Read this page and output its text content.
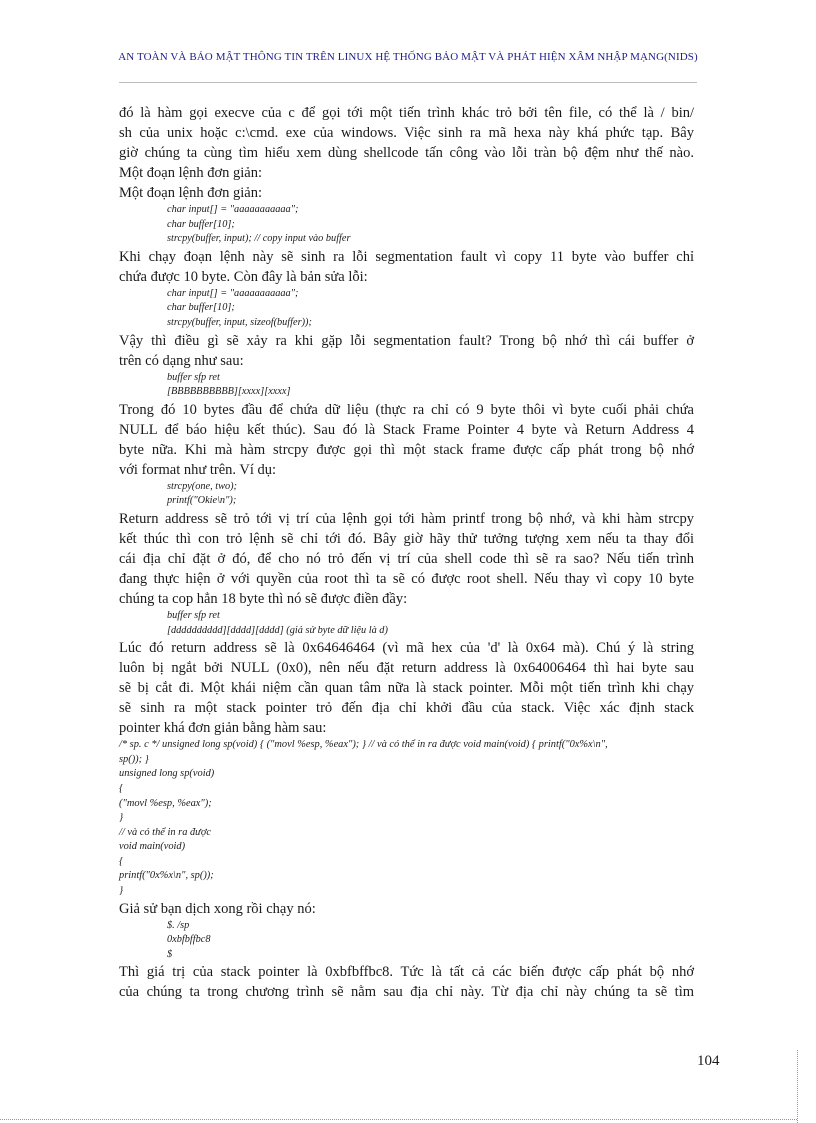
AN TOÀN VÀ BẢO MẬT THÔNG TIN TRÊN LINUX HỆ THỐNG BẢO MẬT VÀ PHÁT HIỆN XÂM NHẬP MẠNG(NIDS)

đó là hàm gọi execve của c để gọi tới một tiến trình khác trỏ bởi tên file, có thể là / bin/

sh của unix hoặc c:\cmd. exe của windows. Việc sinh ra mã hexa này khá phức tạp. Bây

giờ chúng ta cùng tìm hiểu xem dùng shellcode tấn công vào lỗi tràn bộ đệm như thế nào.

Một đoạn lệnh đơn giản:

Một đoạn lệnh đơn giản:

char input[] = "aaaaaaaaaaa";

char buffer[10];

strcpy(buffer, input); // copy input vào buffer

Khi chạy đoạn lệnh này sẽ sinh ra lỗi segmentation fault vì copy 11 byte vào buffer chỉ

chứa được 10 byte. Còn đây là bản sửa lỗi:

char input[] = "aaaaaaaaaaa";

char buffer[10];

strcpy(buffer, input, sizeof(buffer));

Vậy thì điều gì sẽ xảy ra khi gặp lỗi segmentation fault? Trong bộ nhớ thì cái buffer ở

trên có dạng như sau:

buffer sfp ret

[BBBBBBBBBB][xxxx][xxxx]

Trong đó 10 bytes đầu để chứa dữ liệu (thực ra chỉ có 9 byte thôi vì byte cuối phải chứa

NULL để báo hiệu kết thúc). Sau đó là Stack Frame Pointer 4 byte và Return Address 4

byte nữa. Khi mà hàm strcpy được gọi thì một stack frame được cấp phát trong bộ nhớ

với format như trên. Ví dụ:

strcpy(one, two);

printf("Okie\n");

Return address sẽ trỏ tới vị trí của lệnh gọi tới hàm printf trong bộ nhớ, và khi hàm strcpy

kết thúc thì con trỏ lệnh sẽ chỉ tới đó. Bây giờ hãy thử tưởng tượng xem nếu ta thay đổi

cái địa chỉ đặt ở đó, để cho nó trỏ đến vị trí của shell code thì sẽ ra sao? Nếu tiến trình

đang thực hiện ở với quyền của root thì ta sẽ có được root shell. Nếu thay vì copy 10 byte

chúng ta cop hẳn 18 byte thì nó sẽ được điền đầy:

buffer sfp ret

[dddddddddd][dddd][dddd] (giả sử byte dữ liệu là d)

Lúc đó return address sẽ là 0x64646464 (vì mã hex của 'd' là 0x64 mà). Chú ý là string

luôn bị ngắt bởi NULL (0x0), nên nếu đặt return address là 0x64006464 thì hai byte sau

sẽ bị cắt đi. Một khái niệm cần quan tâm nữa là stack pointer. Mỗi một tiến trình khi chạy

sẽ sinh ra một stack pointer trỏ đến địa chỉ khởi đầu của stack. Việc xác định stack

pointer khá đơn giản bằng hàm sau:

/* sp. c */ unsigned long sp(void) { ("movl %esp, %eax"); } // và có thể in ra được void main(void) { printf("0x%x\n",

sp()); }

unsigned long sp(void)

{

("movl %esp, %eax");

}

// và có thể in ra được

void main(void)

{

printf("0x%x\n", sp());

}

Giả sử bạn dịch xong rồi chạy nó:

$. /sp

0xbfbffbc8

$

Thì giá trị của stack pointer là 0xbfbffbc8. Tức là tất cả các biến được cấp phát bộ nhớ

của chúng ta trong chương trình sẽ nằm sau địa chỉ này. Từ địa chỉ này chúng ta sẽ tìm

104
